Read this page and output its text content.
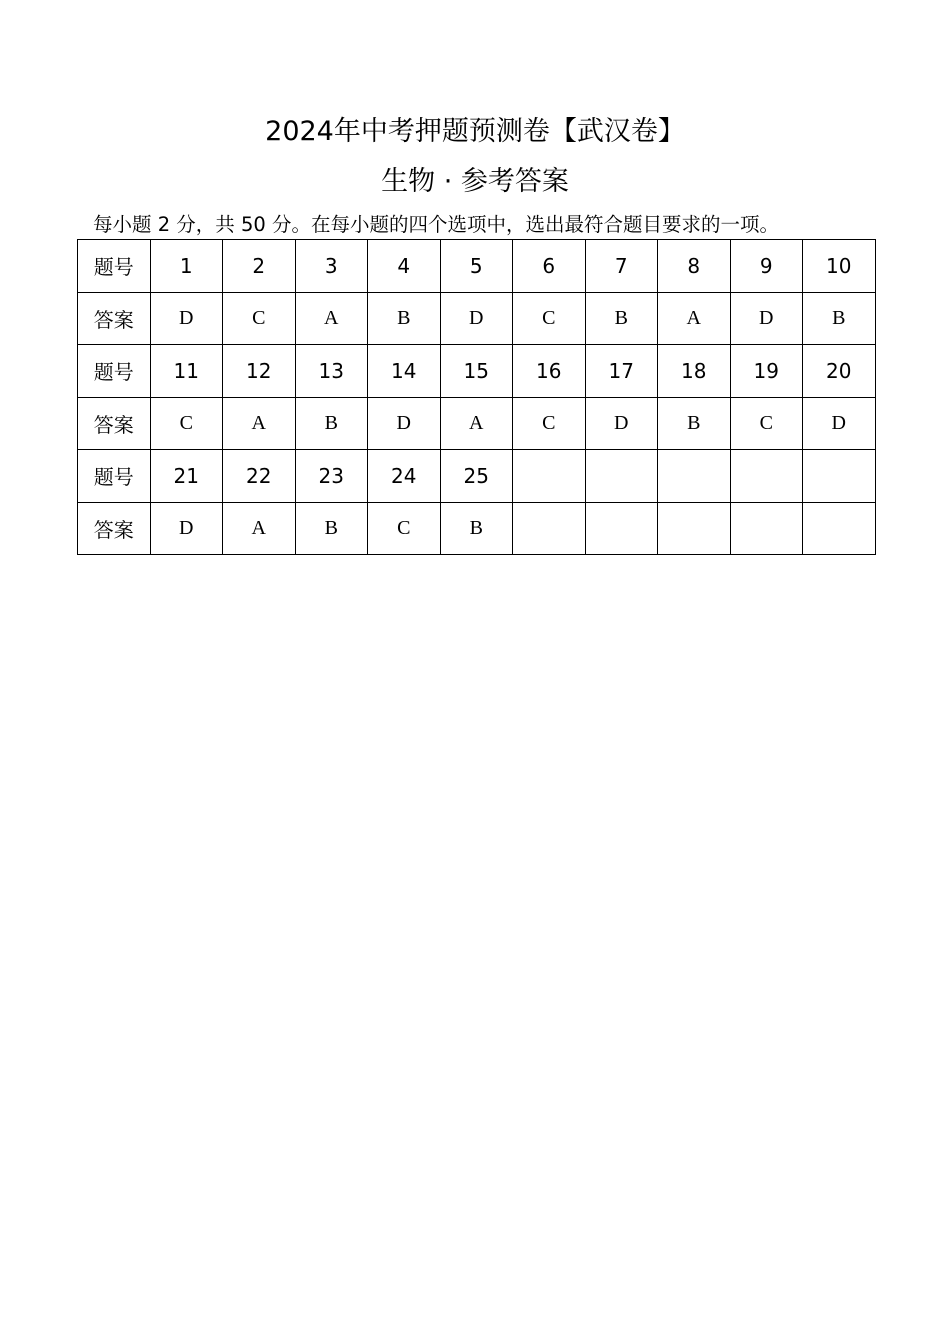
2024年中考押题预测卷【武汉卷】
生物 · 参考答案
每小题 2 分，共 50 分。在每小题的四个选项中，选出最符合题目要求的一项。
题号	1	2	3	4	5	6	7	8	9	10
答案	D	C	A	B	D	C	B	A	D	B
题号	11	12	13	14	15	16	17	18	19	20
答案	C	A	B	D	A	C	D	B	C	D
题号	21	22	23	24	25					
答案	D	A	B	C	B					
